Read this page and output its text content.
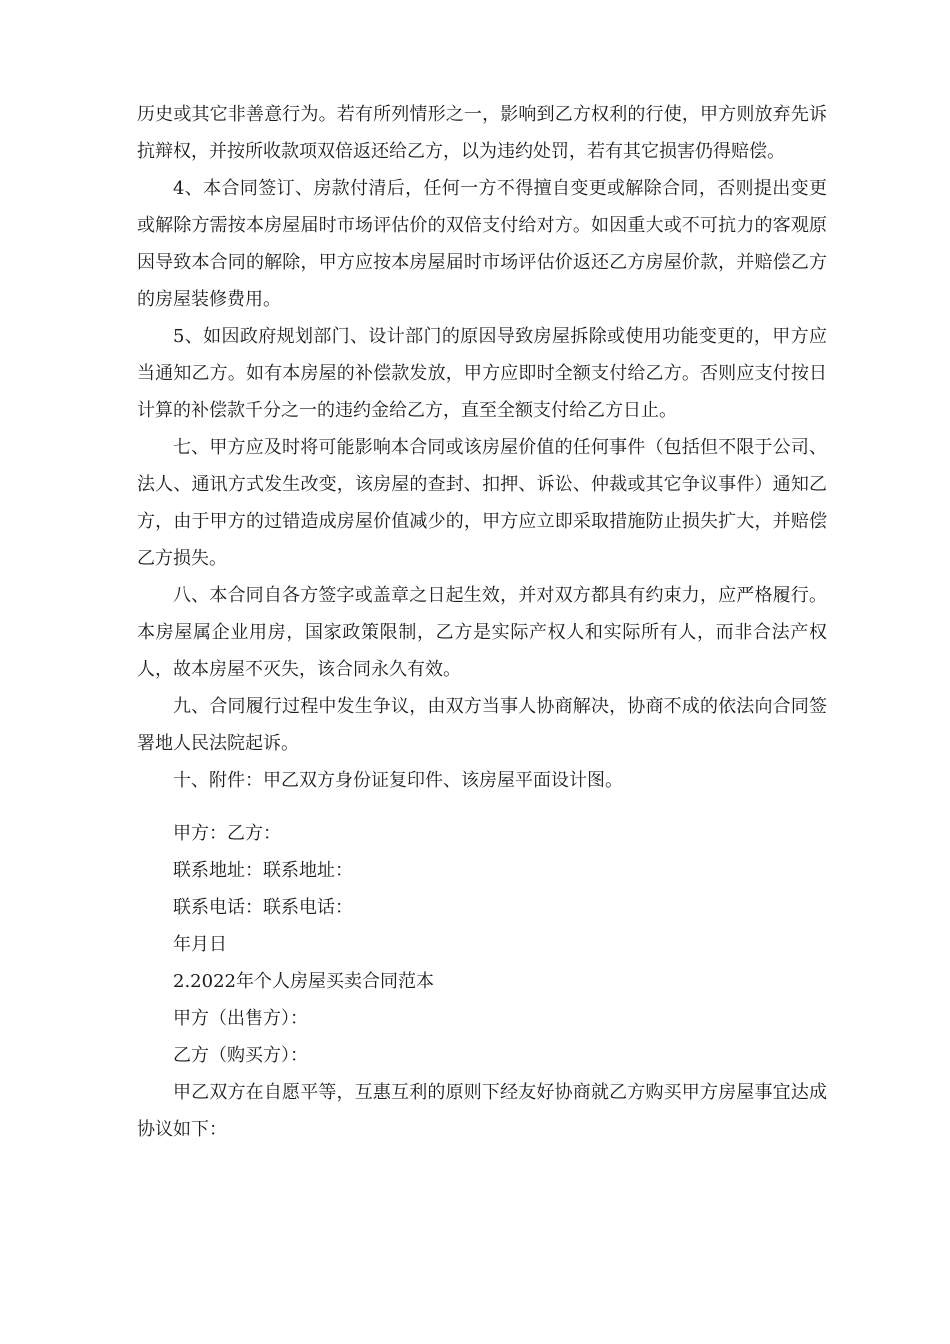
历史或其它非善意行为。若有所列情形之一，影响到乙方权利的行使，甲方则放弃先诉抗辩权，并按所收款项双倍返还给乙方，以为违约处罚，若有其它损害仍得赔偿。

4、本合同签订、房款付清后，任何一方不得擅自变更或解除合同，否则提出变更或解除方需按本房屋届时市场评估价的双倍支付给对方。如因重大或不可抗力的客观原因导致本合同的解除，甲方应按本房屋届时市场评估价返还乙方房屋价款，并赔偿乙方的房屋装修费用。

5、如因政府规划部门、设计部门的原因导致房屋拆除或使用功能变更的，甲方应当通知乙方。如有本房屋的补偿款发放，甲方应即时全额支付给乙方。否则应支付按日计算的补偿款千分之一的违约金给乙方，直至全额支付给乙方日止。

七、甲方应及时将可能影响本合同或该房屋价值的任何事件（包括但不限于公司、法人、通讯方式发生改变，该房屋的查封、扣押、诉讼、仲裁或其它争议事件）通知乙方，由于甲方的过错造成房屋价值减少的，甲方应立即采取措施防止损失扩大，并赔偿乙方损失。

八、本合同自各方签字或盖章之日起生效，并对双方都具有约束力，应严格履行。本房屋属企业用房，国家政策限制，乙方是实际产权人和实际所有人，而非合法产权人，故本房屋不灭失，该合同永久有效。

九、合同履行过程中发生争议，由双方当事人协商解决，协商不成的依法向合同签署地人民法院起诉。

十、附件：甲乙双方身份证复印件、该房屋平面设计图。

甲方：乙方：

联系地址：联系地址：

联系电话：联系电话：

年月日

2.2022年个人房屋买卖合同范本

甲方（出售方）：

乙方（购买方）：

甲乙双方在自愿平等，互惠互利的原则下经友好协商就乙方购买甲方房屋事宜达成协议如下：
